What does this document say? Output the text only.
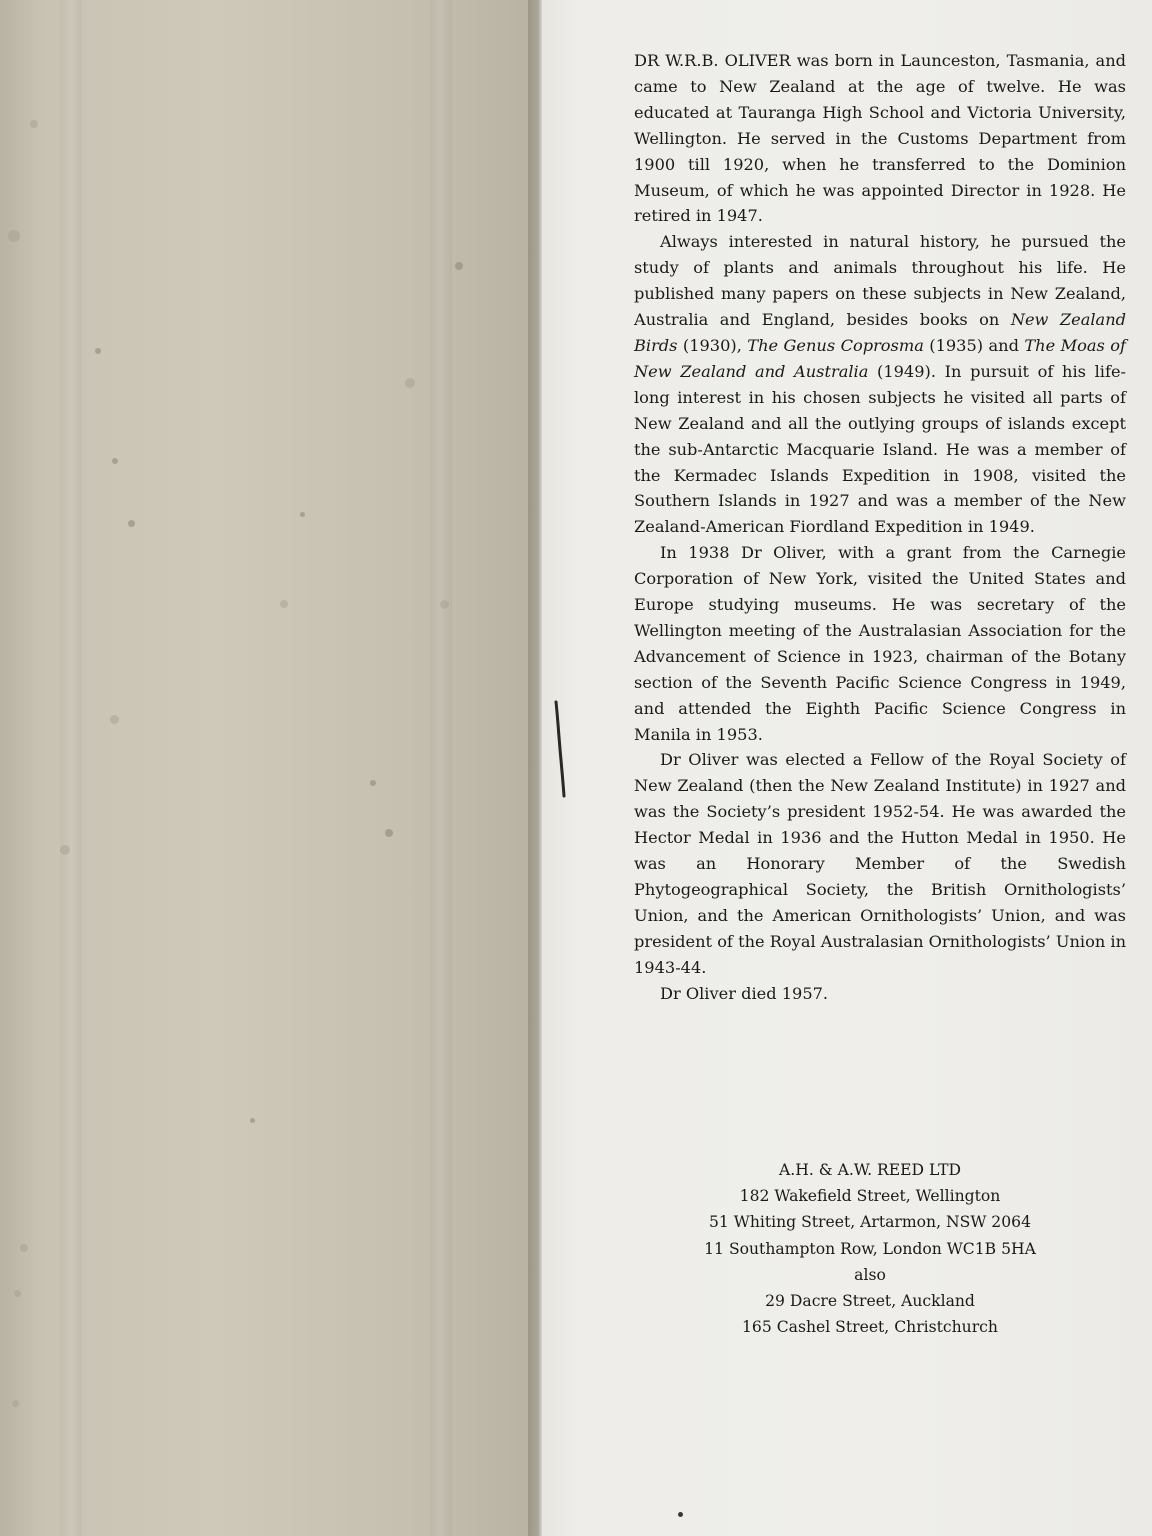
DR W.R.B. OLIVER was born in Launceston, Tasmania, and came to New Zealand at the age of twelve. He was educated at Tauranga High School and Victoria University, Wellington. He served in the Customs Department from 1900 till 1920, when he transferred to the Dominion Museum, of which he was appointed Director in 1928. He retired in 1947.

Always interested in natural history, he pursued the study of plants and animals throughout his life. He published many papers on these subjects in New Zealand, Australia and England, besides books on New Zealand Birds (1930), The Genus Coprosma (1935) and The Moas of New Zealand and Australia (1949). In pursuit of his life-long interest in his chosen subjects he visited all parts of New Zealand and all the outlying groups of islands except the sub-Antarctic Macquarie Island. He was a member of the Kermadec Islands Expedition in 1908, visited the Southern Islands in 1927 and was a member of the New Zealand-American Fiordland Expedition in 1949.

In 1938 Dr Oliver, with a grant from the Carnegie Corporation of New York, visited the United States and Europe studying museums. He was secretary of the Wellington meeting of the Australasian Association for the Advancement of Science in 1923, chairman of the Botany section of the Seventh Pacific Science Congress in 1949, and attended the Eighth Pacific Science Congress in Manila in 1953.

Dr Oliver was elected a Fellow of the Royal Society of New Zealand (then the New Zealand Institute) in 1927 and was the Society’s president 1952-54. He was awarded the Hector Medal in 1936 and the Hutton Medal in 1950. He was an Honorary Member of the Swedish Phytogeographical Society, the British Ornithologists’ Union, and the American Ornithologists’ Union, and was president of the Royal Australasian Ornithologists’ Union in 1943-44.

Dr Oliver died 1957.

A.H. & A.W. REED LTD
182 Wakefield Street, Wellington
51 Whiting Street, Artarmon, NSW 2064
11 Southampton Row, London WC1B 5HA
also
29 Dacre Street, Auckland
165 Cashel Street, Christchurch
